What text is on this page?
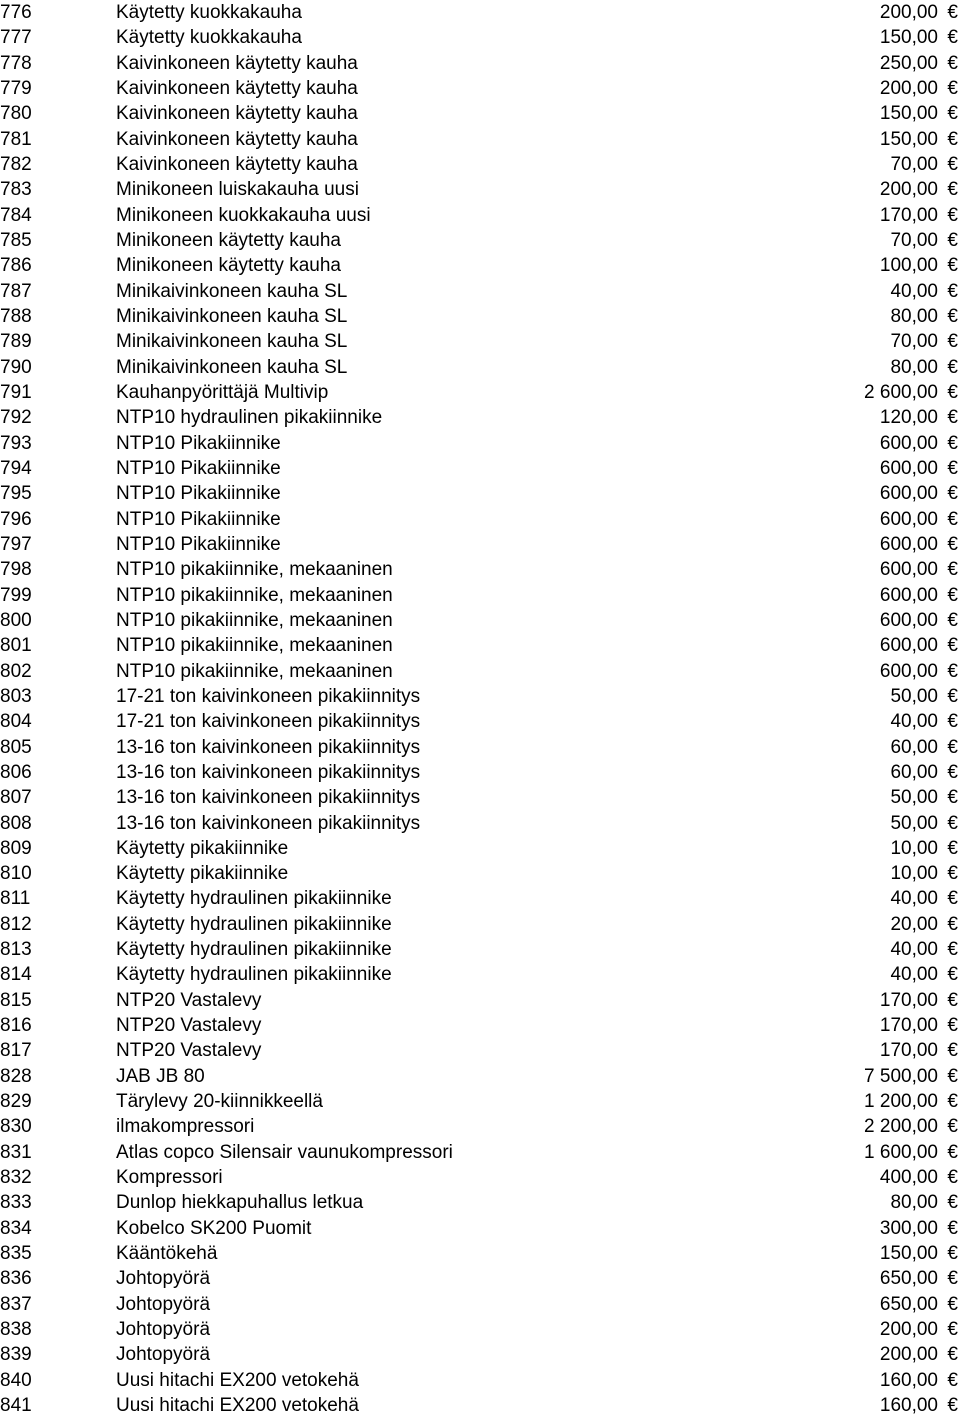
776	Käytetty kuokkakauha	200,00 €
777	Käytetty kuokkakauha	150,00 €
778	Kaivinkoneen käytetty kauha	250,00 €
779	Kaivinkoneen käytetty kauha	200,00 €
780	Kaivinkoneen käytetty kauha	150,00 €
781	Kaivinkoneen käytetty kauha	150,00 €
782	Kaivinkoneen käytetty kauha	70,00 €
783	Minikoneen luiskakauha uusi	200,00 €
784	Minikoneen kuokkakauha uusi	170,00 €
785	Minikoneen käytetty kauha	70,00 €
786	Minikoneen käytetty kauha	100,00 €
787	Minikaivinkoneen kauha SL	40,00 €
788	Minikaivinkoneen kauha SL	80,00 €
789	Minikaivinkoneen kauha SL	70,00 €
790	Minikaivinkoneen kauha SL	80,00 €
791	Kauhanpyörittäjä Multivip	2 600,00 €
792	NTP10 hydraulinen pikakiinnike	120,00 €
793	NTP10 Pikakiinnike	600,00 €
794	NTP10 Pikakiinnike	600,00 €
795	NTP10 Pikakiinnike	600,00 €
796	NTP10 Pikakiinnike	600,00 €
797	NTP10 Pikakiinnike	600,00 €
798	NTP10 pikakiinnike, mekaaninen	600,00 €
799	NTP10 pikakiinnike, mekaaninen	600,00 €
800	NTP10 pikakiinnike, mekaaninen	600,00 €
801	NTP10 pikakiinnike, mekaaninen	600,00 €
802	NTP10 pikakiinnike, mekaaninen	600,00 €
803	17-21 ton kaivinkoneen pikakiinnitys	50,00 €
804	17-21 ton kaivinkoneen pikakiinnitys	40,00 €
805	13-16 ton kaivinkoneen pikakiinnitys	60,00 €
806	13-16 ton kaivinkoneen pikakiinnitys	60,00 €
807	13-16 ton kaivinkoneen pikakiinnitys	50,00 €
808	13-16 ton kaivinkoneen pikakiinnitys	50,00 €
809	Käytetty pikakiinnike	10,00 €
810	Käytetty pikakiinnike	10,00 €
811	Käytetty hydraulinen pikakiinnike	40,00 €
812	Käytetty hydraulinen pikakiinnike	20,00 €
813	Käytetty hydraulinen pikakiinnike	40,00 €
814	Käytetty hydraulinen pikakiinnike	40,00 €
815	NTP20 Vastalevy	170,00 €
816	NTP20 Vastalevy	170,00 €
817	NTP20 Vastalevy	170,00 €
828	JAB JB 80	7 500,00 €
829	Tärylevy 20-kiinnikkeellä	1 200,00 €
830	ilmakompressori	2 200,00 €
831	Atlas copco Silensair vaunukompressori	1 600,00 €
832	Kompressori	400,00 €
833	Dunlop hiekkapuhallus letkua	80,00 €
834	Kobelco SK200 Puomit	300,00 €
835	Kääntökehä	150,00 €
836	Johtopyörä	650,00 €
837	Johtopyörä	650,00 €
838	Johtopyörä	200,00 €
839	Johtopyörä	200,00 €
840	Uusi hitachi EX200 vetokehä	160,00 €
841	Uusi hitachi EX200 vetokehä	160,00 €
